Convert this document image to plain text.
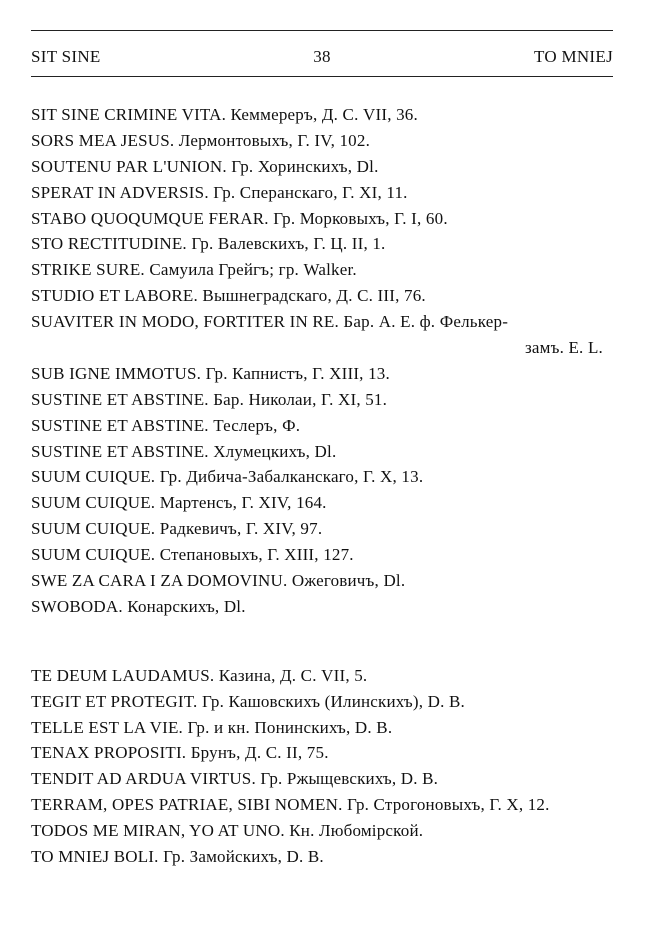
SIT SINE	38	TO MNIEJ
SIT SINE CRIMINE VITA. Кеммереръ, Д. С. VII, 36.
SORS MEA JESUS. Лермонтовыхъ, Г. IV, 102.
SOUTENU PAR L'UNION. Гр. Хоринскихъ, Dl.
SPERAT IN ADVERSIS. Гр. Сперанскаго, Г. XI, 11.
STABO QUOQUMQUE FERAR. Гр. Морковыхъ, Г. I, 60.
STO RECTITUDINE. Гр. Валевскихъ, Г. Ц. II, 1.
STRIKE SURE. Самуила Грейгъ; гр. Walker.
STUDIO ET LABORE. Вышнеградскаго, Д. С. III, 76.
SUAVITER IN MODO, FORTITER IN RE. Бар. А. Е. ф. Фелькер-
замъ. E. L.
SUB IGNE IMMOTUS. Гр. Капнистъ, Г. XIII, 13.
SUSTINE ET ABSTINE. Бар. Николаи, Г. XI, 51.
SUSTINE ET ABSTINE. Теслеръ, Ф.
SUSTINE ET ABSTINE. Хлумецкихъ, Dl.
SUUM CUIQUE. Гр. Дибича-Забалканскаго, Г. X, 13.
SUUM CUIQUE. Мартенсъ, Г. XIV, 164.
SUUM CUIQUE. Радкевичъ, Г. XIV, 97.
SUUM CUIQUE. Степановыхъ, Г. XIII, 127.
SWE ZA CARA I ZA DOMOVINU. Ожеговичъ, Dl.
SWOBODA. Конарскихъ, Dl.
TE DEUM LAUDAMUS. Казина, Д. С. VII, 5.
TEGIT ET PROTEGIT. Гр. Кашовскихъ (Илинскихъ), D. B.
TELLE EST LA VIE. Гр. и кн. Понинскихъ, D. B.
TENAX PROPOSITI. Брунъ, Д. С. II, 75.
TENDIT AD ARDUA VIRTUS. Гр. Ржыщевскихъ, D. B.
TERRAM, OPES PATRIAE, SIBI NOMEN. Гр. Строгоновыхъ, Г. X, 12.
TODOS ME MIRAN, YO AT UNO. Кн. Любомірской.
TO MNIEJ BOLI. Гр. Замойскихъ, D. B.
